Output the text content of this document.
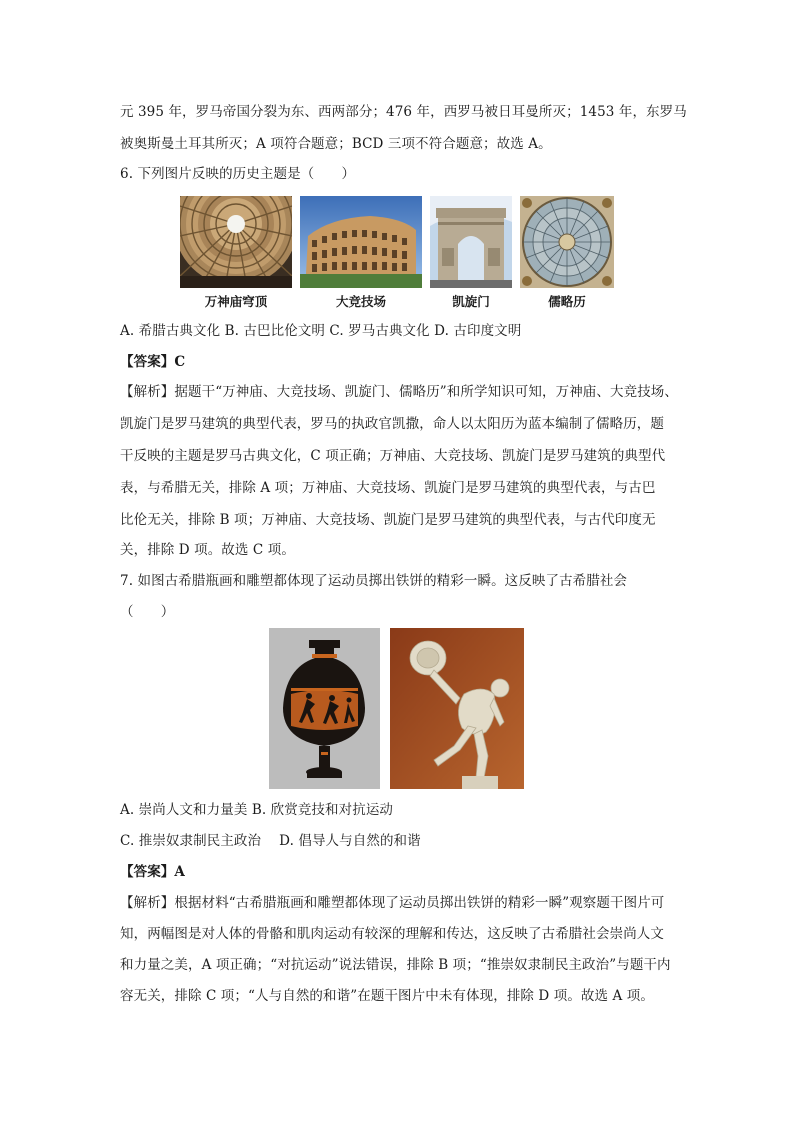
元 395 年，罗马帝国分裂为东、西两部分；476 年，西罗马被日耳曼所灭；1453 年，东罗马
被奥斯曼土耳其所灭；A 项符合题意；BCD 三项不符合题意；故选 A。
6. 下列图片反映的历史主题是（　　）
万神庙穹顶	大竞技场	凯旋门	儒略历
A. 希腊古典文化 B. 古巴比伦文明 C. 罗马古典文化 D. 古印度文明
【答案】C
【解析】据题干“万神庙、大竞技场、凯旋门、儒略历”和所学知识可知，万神庙、大竞技场、
凯旋门是罗马建筑的典型代表，罗马的执政官凯撒，命人以太阳历为蓝本编制了儒略历，题
干反映的主题是罗马古典文化，C 项正确；万神庙、大竞技场、凯旋门是罗马建筑的典型代
表，与希腊无关，排除 A 项；万神庙、大竞技场、凯旋门是罗马建筑的典型代表，与古巴
比伦无关，排除 B 项；万神庙、大竞技场、凯旋门是罗马建筑的典型代表，与古代印度无
关，排除 D 项。故选 C 项。
7. 如图古希腊瓶画和雕塑都体现了运动员掷出铁饼的精彩一瞬。这反映了古希腊社会
（　　）
A. 崇尚人文和力量美 B. 欣赏竞技和对抗运动
C. 推崇奴隶制民主政治　 D. 倡导人与自然的和谐
【答案】A
【解析】根据材料“古希腊瓶画和雕塑都体现了运动员掷出铁饼的精彩一瞬”观察题干图片可
知，两幅图是对人体的骨骼和肌肉运动有较深的理解和传达，这反映了古希腊社会崇尚人文
和力量之美，A 项正确；“对抗运动”说法错误，排除 B 项；“推崇奴隶制民主政治”与题干内
容无关，排除 C 项；“人与自然的和谐”在题干图片中未有体现，排除 D 项。故选 A 项。
